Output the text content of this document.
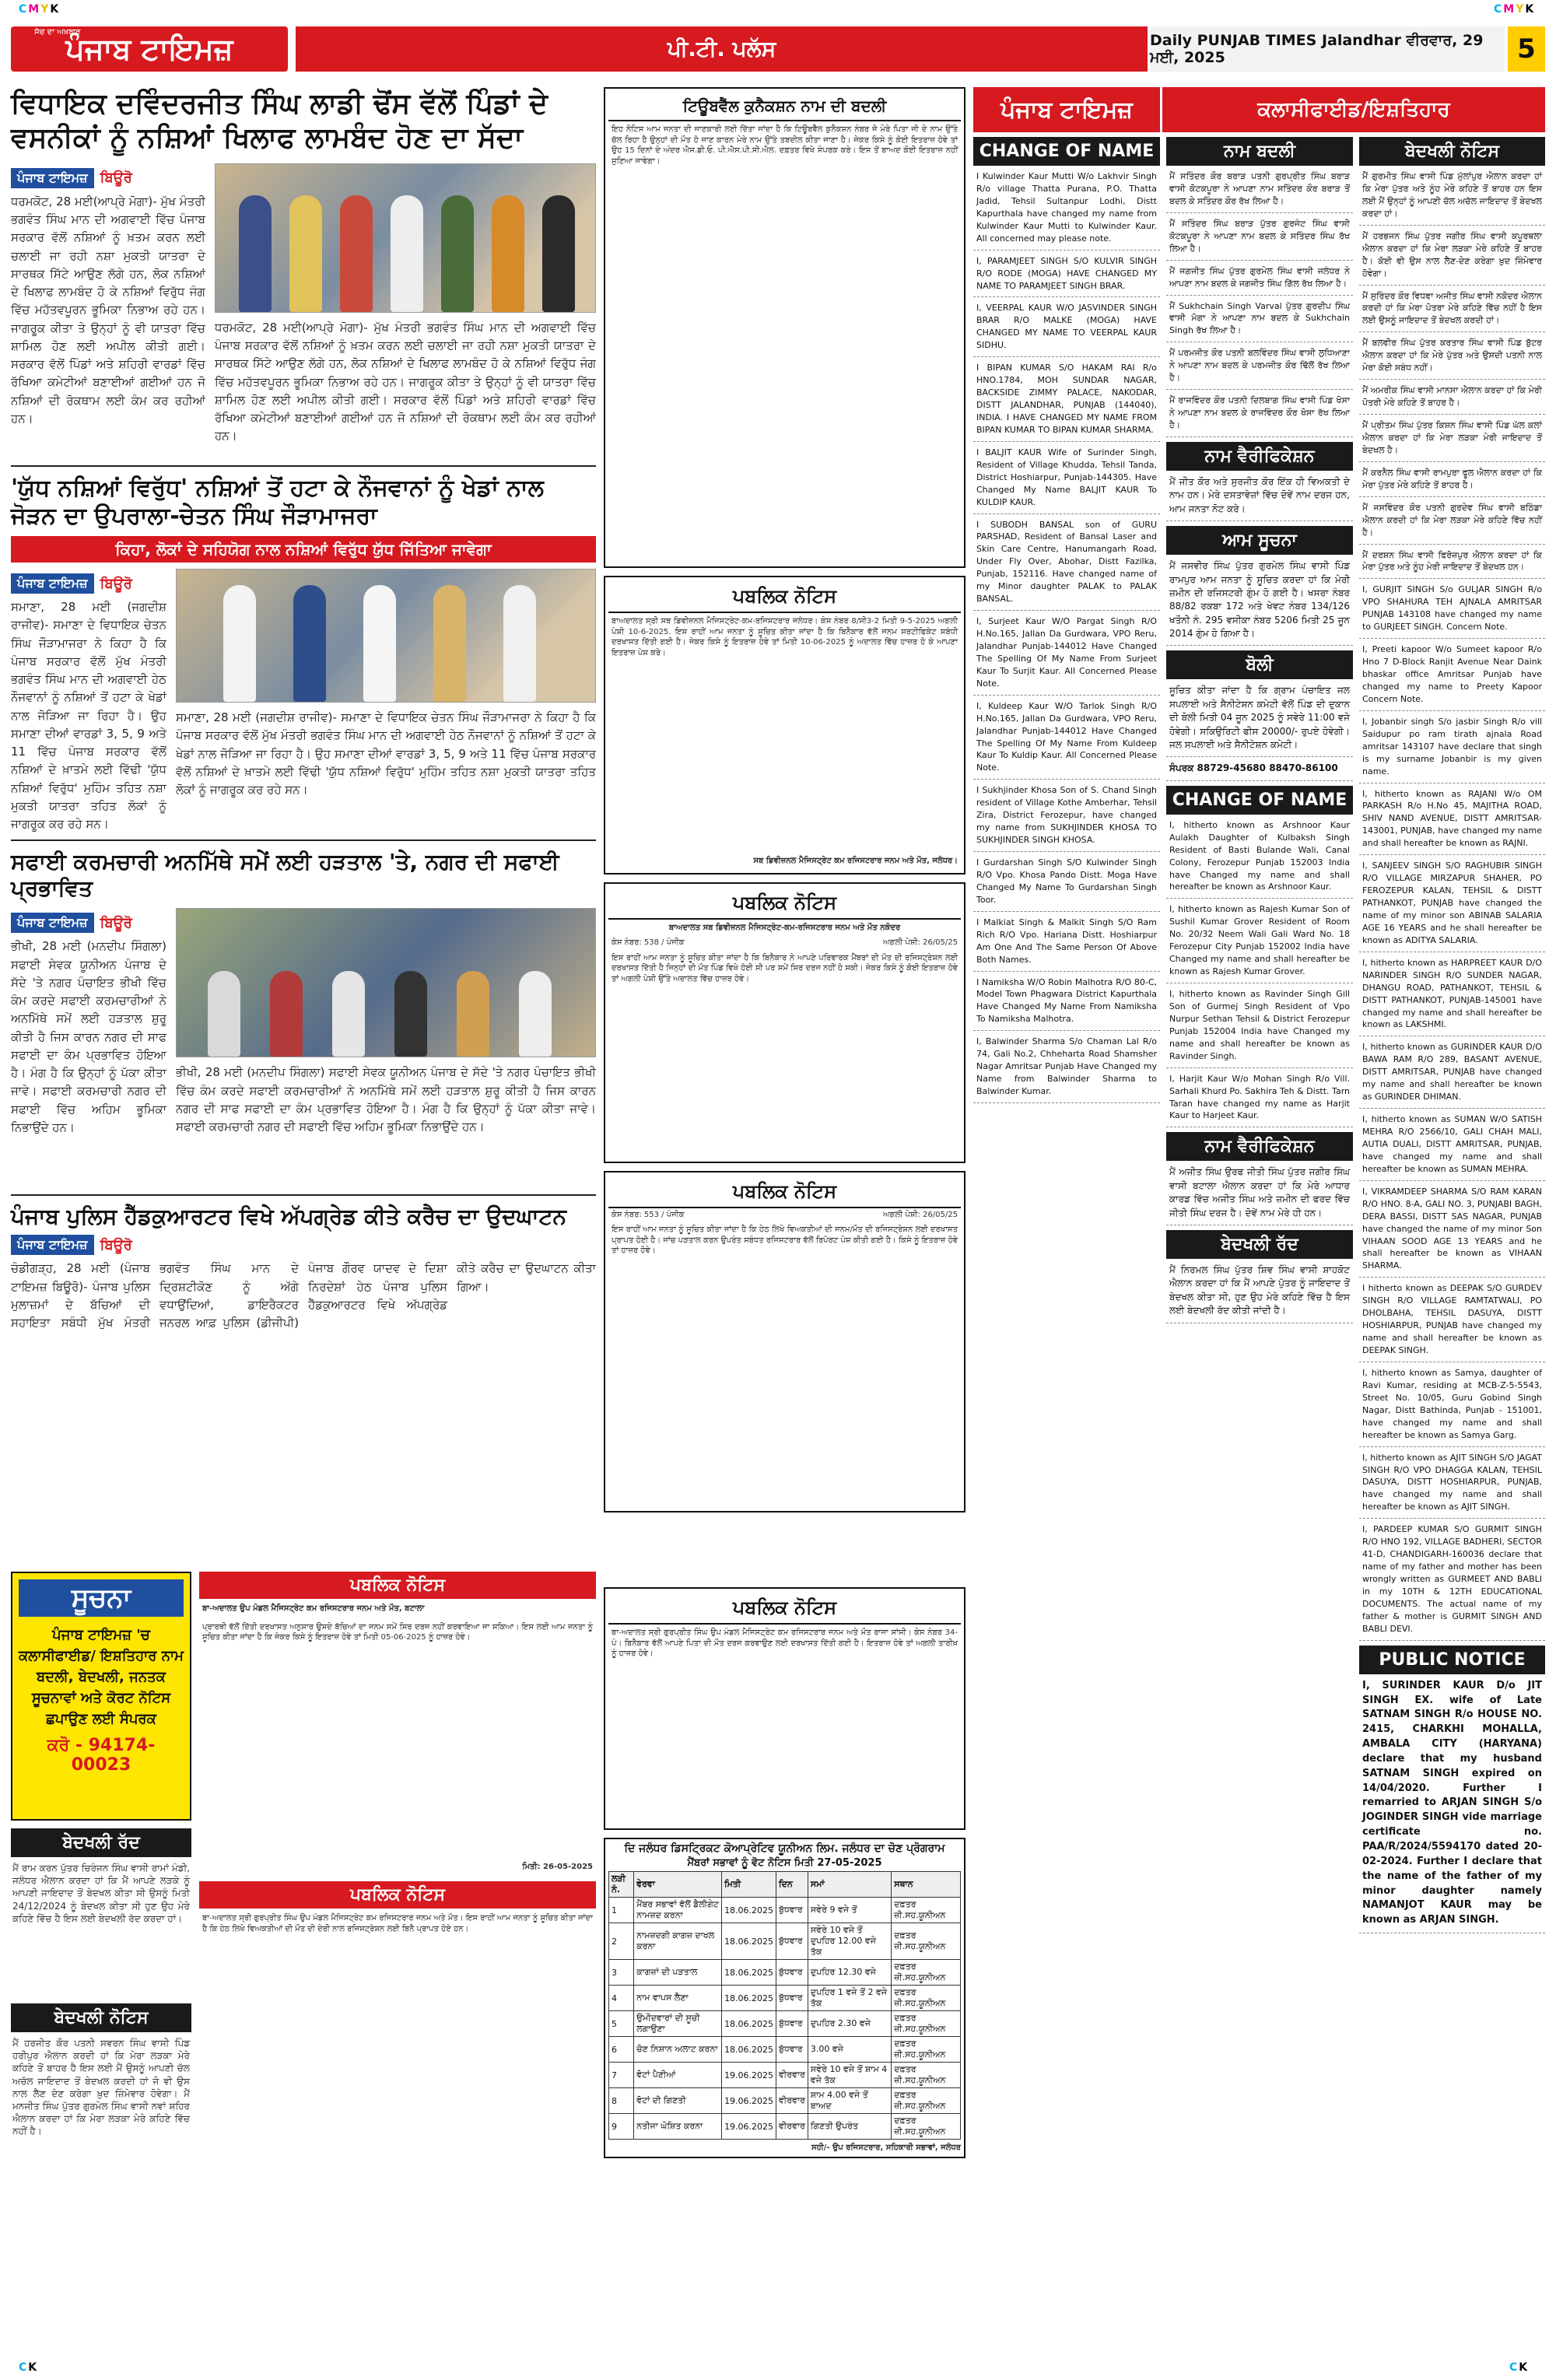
CMYK	CMYK
ਸੱਚ ਦਾ ਅਖ਼ਬਾਰ
ਪੰਜਾਬ ਟਾਇਮਜ਼	ਪੀ.ਟੀ. ਪਲੱਸ	Daily PUNJAB TIMES Jalandhar ਵੀਰਵਾਰ, 29 ਮਈ, 2025	5
ਵਿਧਾਇਕ ਦਵਿੰਦਰਜੀਤ ਸਿੰਘ ਲਾਡੀ ਢੋਂਸ ਵੱਲੋਂ ਪਿੰਡਾਂ ਦੇ ਵਸਨੀਕਾਂ ਨੂੰ ਨਸ਼ਿਆਂ ਖਿਲਾਫ ਲਾਮਬੰਦ ਹੋਣ ਦਾ ਸੱਦਾ
ਪੰਜਾਬ ਟਾਇਮਜ਼ ਬਿਊਰੋ
ਧਰਮਕੋਟ, 28 ਮਈ(ਆਪ੍ਰੇ ਮੋਗਾ)- ਮੁੱਖ ਮੰਤਰੀ ਭਗਵੰਤ ਸਿੰਘ ਮਾਨ ਦੀ ਅਗਵਾਈ ਵਿੱਚ ਪੰਜਾਬ ਸਰਕਾਰ ਵੱਲੋਂ ਨਸ਼ਿਆਂ ਨੂੰ ਖ਼ਤਮ ਕਰਨ ਲਈ ਚਲਾਈ ਜਾ ਰਹੀ ਨਸ਼ਾ ਮੁਕਤੀ ਯਾਤਰਾ ਦੇ ਸਾਰਥਕ ਸਿੱਟੇ ਆਉਣ ਲੱਗੇ ਹਨ, ਲੋਕ ਨਸ਼ਿਆਂ ਦੇ ਖਿਲਾਫ ਲਾਮਬੰਦ ਹੋ ਕੇ ਨਸ਼ਿਆਂ ਵਿਰੁੱਧ ਜੰਗ ਵਿੱਚ ਮਹੱਤਵਪੂਰਨ ਭੂਮਿਕਾ ਨਿਭਾਅ ਰਹੇ ਹਨ। ਜਾਗਰੂਕ ਕੀਤਾ ਤੇ ਉਨ੍ਹਾਂ ਨੂੰ ਵੀ ਯਾਤਰਾ ਵਿੱਚ ਸ਼ਾਮਿਲ ਹੋਣ ਲਈ ਅਪੀਲ ਕੀਤੀ ਗਈ। ਸਰਕਾਰ ਵੱਲੋਂ ਪਿੰਡਾਂ ਅਤੇ ਸ਼ਹਿਰੀ ਵਾਰਡਾਂ ਵਿੱਚ ਰੱਖਿਆ ਕਮੇਟੀਆਂ ਬਣਾਈਆਂ ਗਈਆਂ ਹਨ ਜੋ ਨਸ਼ਿਆਂ ਦੀ ਰੋਕਥਾਮ ਲਈ ਕੰਮ ਕਰ ਰਹੀਆਂ ਹਨ।
ਧਰਮਕੋਟ, 28 ਮਈ(ਆਪ੍ਰੇ ਮੋਗਾ)- ਮੁੱਖ ਮੰਤਰੀ ਭਗਵੰਤ ਸਿੰਘ ਮਾਨ ਦੀ ਅਗਵਾਈ ਵਿੱਚ ਪੰਜਾਬ ਸਰਕਾਰ ਵੱਲੋਂ ਨਸ਼ਿਆਂ ਨੂੰ ਖ਼ਤਮ ਕਰਨ ਲਈ ਚਲਾਈ ਜਾ ਰਹੀ ਨਸ਼ਾ ਮੁਕਤੀ ਯਾਤਰਾ ਦੇ ਸਾਰਥਕ ਸਿੱਟੇ ਆਉਣ ਲੱਗੇ ਹਨ, ਲੋਕ ਨਸ਼ਿਆਂ ਦੇ ਖਿਲਾਫ ਲਾਮਬੰਦ ਹੋ ਕੇ ਨਸ਼ਿਆਂ ਵਿਰੁੱਧ ਜੰਗ ਵਿੱਚ ਮਹੱਤਵਪੂਰਨ ਭੂਮਿਕਾ ਨਿਭਾਅ ਰਹੇ ਹਨ। ਜਾਗਰੂਕ ਕੀਤਾ ਤੇ ਉਨ੍ਹਾਂ ਨੂੰ ਵੀ ਯਾਤਰਾ ਵਿੱਚ ਸ਼ਾਮਿਲ ਹੋਣ ਲਈ ਅਪੀਲ ਕੀਤੀ ਗਈ। ਸਰਕਾਰ ਵੱਲੋਂ ਪਿੰਡਾਂ ਅਤੇ ਸ਼ਹਿਰੀ ਵਾਰਡਾਂ ਵਿੱਚ ਰੱਖਿਆ ਕਮੇਟੀਆਂ ਬਣਾਈਆਂ ਗਈਆਂ ਹਨ ਜੋ ਨਸ਼ਿਆਂ ਦੀ ਰੋਕਥਾਮ ਲਈ ਕੰਮ ਕਰ ਰਹੀਆਂ ਹਨ।
'ਯੁੱਧ ਨਸ਼ਿਆਂ ਵਿਰੁੱਧ' ਨਸ਼ਿਆਂ ਤੋਂ ਹਟਾ ਕੇ ਨੌਜਵਾਨਾਂ ਨੂੰ ਖੇਡਾਂ ਨਾਲ ਜੋੜਨ ਦਾ ਉਪਰਾਲਾ-ਚੇਤਨ ਸਿੰਘ ਜੌੜਾਮਾਜਰਾ
ਕਿਹਾ, ਲੋਕਾਂ ਦੇ ਸਹਿਯੋਗ ਨਾਲ ਨਸ਼ਿਆਂ ਵਿਰੁੱਧ ਯੁੱਧ ਜਿੱਤਿਆ ਜਾਵੇਗਾ
ਪੰਜਾਬ ਟਾਇਮਜ਼ ਬਿਊਰੋ
ਸਮਾਣਾ, 28 ਮਈ (ਜਗਦੀਸ਼ ਰਾਜੀਵ)- ਸਮਾਣਾ ਦੇ ਵਿਧਾਇਕ ਚੇਤਨ ਸਿੰਘ ਜੌੜਾਮਾਜਰਾ ਨੇ ਕਿਹਾ ਹੈ ਕਿ ਪੰਜਾਬ ਸਰਕਾਰ ਵੱਲੋਂ ਮੁੱਖ ਮੰਤਰੀ ਭਗਵੰਤ ਸਿੰਘ ਮਾਨ ਦੀ ਅਗਵਾਈ ਹੇਠ ਨੌਜਵਾਨਾਂ ਨੂੰ ਨਸ਼ਿਆਂ ਤੋਂ ਹਟਾ ਕੇ ਖੇਡਾਂ ਨਾਲ ਜੋੜਿਆ ਜਾ ਰਿਹਾ ਹੈ। ਉਹ ਸਮਾਣਾ ਦੀਆਂ ਵਾਰਡਾਂ 3, 5, 9 ਅਤੇ 11 ਵਿੱਚ ਪੰਜਾਬ ਸਰਕਾਰ ਵੱਲੋਂ ਨਸ਼ਿਆਂ ਦੇ ਖ਼ਾਤਮੇ ਲਈ ਵਿੱਢੀ 'ਯੁੱਧ ਨਸ਼ਿਆਂ ਵਿਰੁੱਧ' ਮੁਹਿੰਮ ਤਹਿਤ ਨਸ਼ਾ ਮੁਕਤੀ ਯਾਤਰਾ ਤਹਿਤ ਲੋਕਾਂ ਨੂੰ ਜਾਗਰੂਕ ਕਰ ਰਹੇ ਸਨ।
ਸਮਾਣਾ, 28 ਮਈ (ਜਗਦੀਸ਼ ਰਾਜੀਵ)- ਸਮਾਣਾ ਦੇ ਵਿਧਾਇਕ ਚੇਤਨ ਸਿੰਘ ਜੌੜਾਮਾਜਰਾ ਨੇ ਕਿਹਾ ਹੈ ਕਿ ਪੰਜਾਬ ਸਰਕਾਰ ਵੱਲੋਂ ਮੁੱਖ ਮੰਤਰੀ ਭਗਵੰਤ ਸਿੰਘ ਮਾਨ ਦੀ ਅਗਵਾਈ ਹੇਠ ਨੌਜਵਾਨਾਂ ਨੂੰ ਨਸ਼ਿਆਂ ਤੋਂ ਹਟਾ ਕੇ ਖੇਡਾਂ ਨਾਲ ਜੋੜਿਆ ਜਾ ਰਿਹਾ ਹੈ। ਉਹ ਸਮਾਣਾ ਦੀਆਂ ਵਾਰਡਾਂ 3, 5, 9 ਅਤੇ 11 ਵਿੱਚ ਪੰਜਾਬ ਸਰਕਾਰ ਵੱਲੋਂ ਨਸ਼ਿਆਂ ਦੇ ਖ਼ਾਤਮੇ ਲਈ ਵਿੱਢੀ 'ਯੁੱਧ ਨਸ਼ਿਆਂ ਵਿਰੁੱਧ' ਮੁਹਿੰਮ ਤਹਿਤ ਨਸ਼ਾ ਮੁਕਤੀ ਯਾਤਰਾ ਤਹਿਤ ਲੋਕਾਂ ਨੂੰ ਜਾਗਰੂਕ ਕਰ ਰਹੇ ਸਨ।
ਸਫਾਈ ਕਰਮਚਾਰੀ ਅਨਮਿੱਥੇ ਸਮੇਂ ਲਈ ਹੜਤਾਲ 'ਤੇ, ਨਗਰ ਦੀ ਸਫਾਈ ਪ੍ਰਭਾਵਿਤ
ਪੰਜਾਬ ਟਾਇਮਜ਼ ਬਿਊਰੋ
ਭੀਖੀ, 28 ਮਈ (ਮਨਦੀਪ ਸਿੰਗਲਾ) ਸਫਾਈ ਸੇਵਕ ਯੂਨੀਅਨ ਪੰਜਾਬ ਦੇ ਸੱਦੇ 'ਤੇ ਨਗਰ ਪੰਚਾਇਤ ਭੀਖੀ ਵਿੱਚ ਕੰਮ ਕਰਦੇ ਸਫਾਈ ਕਰਮਚਾਰੀਆਂ ਨੇ ਅਨਮਿੱਥੇ ਸਮੇਂ ਲਈ ਹੜਤਾਲ ਸ਼ੁਰੂ ਕੀਤੀ ਹੈ ਜਿਸ ਕਾਰਨ ਨਗਰ ਦੀ ਸਾਫ ਸਫਾਈ ਦਾ ਕੰਮ ਪ੍ਰਭਾਵਿਤ ਹੋਇਆ ਹੈ। ਮੰਗ ਹੈ ਕਿ ਉਨ੍ਹਾਂ ਨੂੰ ਪੱਕਾ ਕੀਤਾ ਜਾਵੇ। ਸਫਾਈ ਕਰਮਚਾਰੀ ਨਗਰ ਦੀ ਸਫਾਈ ਵਿੱਚ ਅਹਿਮ ਭੂਮਿਕਾ ਨਿਭਾਉਂਦੇ ਹਨ।
ਭੀਖੀ, 28 ਮਈ (ਮਨਦੀਪ ਸਿੰਗਲਾ) ਸਫਾਈ ਸੇਵਕ ਯੂਨੀਅਨ ਪੰਜਾਬ ਦੇ ਸੱਦੇ 'ਤੇ ਨਗਰ ਪੰਚਾਇਤ ਭੀਖੀ ਵਿੱਚ ਕੰਮ ਕਰਦੇ ਸਫਾਈ ਕਰਮਚਾਰੀਆਂ ਨੇ ਅਨਮਿੱਥੇ ਸਮੇਂ ਲਈ ਹੜਤਾਲ ਸ਼ੁਰੂ ਕੀਤੀ ਹੈ ਜਿਸ ਕਾਰਨ ਨਗਰ ਦੀ ਸਾਫ ਸਫਾਈ ਦਾ ਕੰਮ ਪ੍ਰਭਾਵਿਤ ਹੋਇਆ ਹੈ। ਮੰਗ ਹੈ ਕਿ ਉਨ੍ਹਾਂ ਨੂੰ ਪੱਕਾ ਕੀਤਾ ਜਾਵੇ। ਸਫਾਈ ਕਰਮਚਾਰੀ ਨਗਰ ਦੀ ਸਫਾਈ ਵਿੱਚ ਅਹਿਮ ਭੂਮਿਕਾ ਨਿਭਾਉਂਦੇ ਹਨ।
ਪੰਜਾਬ ਪੁਲਿਸ ਹੈੱਡਕੁਆਰਟਰ ਵਿਖੇ ਅੱਪਗ੍ਰੇਡ ਕੀਤੇ ਕਰੈਚ ਦਾ ਉਦਘਾਟਨ
ਪੰਜਾਬ ਟਾਇਮਜ਼ ਬਿਊਰੋ
ਚੰਡੀਗੜ੍ਹ, 28 ਮਈ (ਪੰਜਾਬ ਟਾਇਮਜ਼ ਬਿਊਰੋ)- ਪੰਜਾਬ ਪੁਲਿਸ ਮੁਲਾਜ਼ਮਾਂ ਦੇ ਬੱਚਿਆਂ ਦੀ ਸਹਾਇਤਾ ਸਬੰਧੀ ਮੁੱਖ ਮੰਤਰੀ ਭਗਵੰਤ ਸਿੰਘ ਮਾਨ ਦੇ ਦ੍ਰਿਸ਼ਟੀਕੋਣ ਨੂੰ ਅੱਗੇ ਵਧਾਉਂਦਿਆਂ, ਡਾਇਰੈਕਟਰ ਜਨਰਲ ਆਫ਼ ਪੁਲਿਸ (ਡੀਜੀਪੀ) ਪੰਜਾਬ ਗੌਰਵ ਯਾਦਵ ਦੇ ਦਿਸ਼ਾ ਨਿਰਦੇਸ਼ਾਂ ਹੇਠ ਪੰਜਾਬ ਪੁਲਿਸ ਹੈੱਡਕੁਆਰਟਰ ਵਿਖੇ ਅੱਪਗ੍ਰੇਡ ਕੀਤੇ ਕਰੈਚ ਦਾ ਉਦਘਾਟਨ ਕੀਤਾ ਗਿਆ।
ਸੂਚਨਾ
ਪੰਜਾਬ ਟਾਇਮਜ਼ 'ਚ ਕਲਾਸੀਫਾਈਡ/ ਇਸ਼ਤਿਹਾਰ ਨਾਮ ਬਦਲੀ, ਬੇਦਖਲੀ, ਜਨਤਕ ਸੂਚਨਾਵਾਂ ਅਤੇ ਕੋਰਟ ਨੋਟਿਸ ਛਪਾਉਣ ਲਈ ਸੰਪਰਕ
ਕਰੋ - 94174-00023
ਬੇਦਖਲੀ ਰੱਦ
ਮੈਂ ਰਾਮ ਕਰਨ ਪੁੱਤਰ ਚਿਰੰਜਨ ਸਿੰਘ ਵਾਸੀ ਰਾਮਾਂ ਮੰਡੀ, ਜਲੰਧਰ ਐਲਾਨ ਕਰਦਾ ਹਾਂ ਕਿ ਮੈਂ ਆਪਣੇ ਲੜਕੇ ਨੂੰ ਆਪਣੀ ਜਾਇਦਾਦ ਤੋਂ ਬੇਦਖਲ ਕੀਤਾ ਸੀ ਉਸਨੂੰ ਮਿਤੀ 24/12/2024 ਨੂੰ ਬੇਦਖਲ ਕੀਤਾ ਸੀ ਹੁਣ ਉਹ ਮੇਰੇ ਕਹਿਣੇ ਵਿੱਚ ਹੈ ਇਸ ਲਈ ਬੇਦਖਲੀ ਰੱਦ ਕਰਦਾ ਹਾਂ।
ਬੇਦਖਲੀ ਨੋਟਿਸ
ਮੈਂ ਹਰਜੀਤ ਕੌਰ ਪਤਨੀ ਸਵਰਨ ਸਿੰਘ ਵਾਸੀ ਪਿੰਡ ਹਰੀਪੁਰ ਐਲਾਨ ਕਰਦੀ ਹਾਂ ਕਿ ਮੇਰਾ ਲੜਕਾ ਮੇਰੇ ਕਹਿਣੇ ਤੋਂ ਬਾਹਰ ਹੈ ਇਸ ਲਈ ਮੈਂ ਉਸਨੂੰ ਆਪਣੀ ਚੱਲ ਅਚੱਲ ਜਾਇਦਾਦ ਤੋਂ ਬੇਦਖਲ ਕਰਦੀ ਹਾਂ ਜੋ ਵੀ ਉਸ ਨਾਲ ਲੈਣ ਦੇਣ ਕਰੇਗਾ ਖ਼ੁਦ ਜ਼ਿੰਮੇਵਾਰ ਹੋਵੇਗਾ। ਮੈਂ ਮਨਜੀਤ ਸਿੰਘ ਪੁੱਤਰ ਗੁਰਮੇਲ ਸਿੰਘ ਵਾਸੀ ਨਵਾਂ ਸ਼ਹਿਰ ਐਲਾਨ ਕਰਦਾ ਹਾਂ ਕਿ ਮੇਰਾ ਲੜਕਾ ਮੇਰੇ ਕਹਿਣੇ ਵਿੱਚ ਨਹੀਂ ਹੈ।
ਪਬਲਿਕ ਨੋਟਿਸ
ਬਾ-ਅਦਾਲਤ ਉਪ ਮੰਡਲ ਮੈਜਿਸਟ੍ਰੇਟ ਕਮ ਰਜਿਸਟਰਾਰ ਜਨਮ ਅਤੇ ਮੌਤ, ਬਟਾਲਾ
ਪ੍ਰਾਰਥੀ ਵੱਲੋਂ ਦਿੱਤੀ ਦਰਖਾਸਤ ਅਨੁਸਾਰ ਉਸਦੇ ਬੱਚਿਆਂ ਦਾ ਜਨਮ ਸਮੇਂ ਸਿਰ ਦਰਜ ਨਹੀਂ ਕਰਵਾਇਆ ਜਾ ਸਕਿਆ। ਇਸ ਲਈ ਆਮ ਜਨਤਾ ਨੂੰ ਸੂਚਿਤ ਕੀਤਾ ਜਾਂਦਾ ਹੈ ਕਿ ਜੇਕਰ ਕਿਸੇ ਨੂੰ ਇਤਰਾਜ਼ ਹੋਵੇ ਤਾਂ ਮਿਤੀ 05-06-2025 ਨੂੰ ਹਾਜ਼ਰ ਹੋਵੇ।
ਮਿਤੀ: 26-05-2025
ਪਬਲਿਕ ਨੋਟਿਸ
ਬਾ-ਅਦਾਲਤ ਸ੍ਰੀ ਗੁਰਪ੍ਰੀਤ ਸਿੰਘ ਉਪ ਮੰਡਲ ਮੈਜਿਸਟ੍ਰੇਟ ਕਮ ਰਜਿਸਟਰਾਰ ਜਨਮ ਅਤੇ ਮੌਤ। ਇਸ ਰਾਹੀਂ ਆਮ ਜਨਤਾ ਨੂੰ ਸੂਚਿਤ ਕੀਤਾ ਜਾਂਦਾ ਹੈ ਕਿ ਹੇਠ ਲਿਖੇ ਵਿਅਕਤੀਆਂ ਦੀ ਮੌਤ ਦੀ ਦੇਰੀ ਨਾਲ ਰਜਿਸਟ੍ਰੇਸ਼ਨ ਲਈ ਬਿਨੈ ਪ੍ਰਾਪਤ ਹੋਏ ਹਨ।
ਟਿਊਬਵੈੱਲ ਕੁਨੈਕਸ਼ਨ ਨਾਮ ਦੀ ਬਦਲੀ
ਇਹ ਨੋਟਿਸ ਆਮ ਜਨਤਾ ਦੀ ਜਾਣਕਾਰੀ ਲਈ ਦਿੱਤਾ ਜਾਂਦਾ ਹੈ ਕਿ ਟਿਊਬਵੈੱਲ ਕੁਨੈਕਸ਼ਨ ਨੰਬਰ ਜੋ ਮੇਰੇ ਪਿਤਾ ਜੀ ਦੇ ਨਾਮ ਉੱਤੇ ਚੱਲ ਰਿਹਾ ਹੈ ਉਨ੍ਹਾਂ ਦੀ ਮੌਤ ਹੋ ਜਾਣ ਕਾਰਨ ਮੇਰੇ ਨਾਮ ਉੱਤੇ ਤਬਦੀਲ ਕੀਤਾ ਜਾਣਾ ਹੈ। ਜੇਕਰ ਕਿਸੇ ਨੂੰ ਕੋਈ ਇਤਰਾਜ਼ ਹੋਵੇ ਤਾਂ ਉਹ 15 ਦਿਨਾਂ ਦੇ ਅੰਦਰ ਐਸ.ਡੀ.ਓ. ਪੀ.ਐਸ.ਪੀ.ਸੀ.ਐਲ. ਦਫ਼ਤਰ ਵਿਖੇ ਸੰਪਰਕ ਕਰੇ। ਇਸ ਤੋਂ ਬਾਅਦ ਕੋਈ ਇਤਰਾਜ਼ ਨਹੀਂ ਸੁਣਿਆ ਜਾਵੇਗਾ।
ਪਬਲਿਕ ਨੋਟਿਸ
ਬਾਅਦਾਲਤ ਸ੍ਰੀ ਸਬ ਡਿਵੀਜ਼ਨਲ ਮੈਜਿਸਟ੍ਰੇਟ-ਕਮ-ਰਜਿਸਟਰਾਰ ਜਲੰਧਰ। ਕੇਸ ਨੰਬਰ 8/ਸੀ3-2 ਮਿਤੀ 9-5-2025 ਅਗਲੀ ਪੇਸ਼ੀ 10-6-2025. ਇਸ ਰਾਹੀਂ ਆਮ ਜਨਤਾ ਨੂੰ ਸੂਚਿਤ ਕੀਤਾ ਜਾਂਦਾ ਹੈ ਕਿ ਬਿਨੈਕਾਰ ਵੱਲੋਂ ਜਨਮ ਸਰਟੀਫਿਕੇਟ ਸਬੰਧੀ ਦਰਖਾਸਤ ਦਿੱਤੀ ਗਈ ਹੈ। ਜੇਕਰ ਕਿਸੇ ਨੂੰ ਇਤਰਾਜ਼ ਹੋਵੇ ਤਾਂ ਮਿਤੀ 10-06-2025 ਨੂੰ ਅਦਾਲਤ ਵਿੱਚ ਹਾਜ਼ਰ ਹੋ ਕੇ ਆਪਣਾ ਇਤਰਾਜ਼ ਪੇਸ਼ ਕਰੇ।
ਸਬ ਡਿਵੀਜ਼ਨਲ ਮੈਜਿਸਟ੍ਰੇਟ ਕਮ ਰਜਿਸਟਰਾਰ ਜਨਮ ਅਤੇ ਮੌਤ, ਜਲੰਧਰ।
ਪਬਲਿਕ ਨੋਟਿਸ
ਬਾਅਦਾਲਤ ਸਬ ਡਿਵੀਜ਼ਨਲ ਮੈਜਿਸਟ੍ਰੇਟ-ਕਮ-ਰਜਿਸਟਰਾਰ ਜਨਮ ਅਤੇ ਮੌਤ ਨਕੋਦਰ
ਕੇਸ ਨੰਬਰ: 538 / ਪੰਜੀਕ	ਅਗਲੀ ਪੇਸ਼ੀ: 26/05/25
ਇਸ ਰਾਹੀਂ ਆਮ ਜਨਤਾ ਨੂੰ ਸੂਚਿਤ ਕੀਤਾ ਜਾਂਦਾ ਹੈ ਕਿ ਬਿਨੈਕਾਰ ਨੇ ਆਪਣੇ ਪਰਿਵਾਰਕ ਮੈਂਬਰਾਂ ਦੀ ਮੌਤ ਦੀ ਰਜਿਸਟ੍ਰੇਸ਼ਨ ਲਈ ਦਰਖਾਸਤ ਦਿੱਤੀ ਹੈ ਜਿਨ੍ਹਾਂ ਦੀ ਮੌਤ ਪਿੰਡ ਵਿਖੇ ਹੋਈ ਸੀ ਪਰ ਸਮੇਂ ਸਿਰ ਦਰਜ ਨਹੀਂ ਹੋ ਸਕੀ। ਜੇਕਰ ਕਿਸੇ ਨੂੰ ਕੋਈ ਇਤਰਾਜ਼ ਹੋਵੇ ਤਾਂ ਅਗਲੀ ਪੇਸ਼ੀ ਉੱਤੇ ਅਦਾਲਤ ਵਿੱਚ ਹਾਜ਼ਰ ਹੋਵੇ।
ਪਬਲਿਕ ਨੋਟਿਸ
ਕੇਸ ਨੰਬਰ: 553 / ਪੰਜੀਕ	ਅਗਲੀ ਪੇਸ਼ੀ: 26/05/25
ਇਸ ਰਾਹੀਂ ਆਮ ਜਨਤਾ ਨੂੰ ਸੂਚਿਤ ਕੀਤਾ ਜਾਂਦਾ ਹੈ ਕਿ ਹੇਠ ਲਿਖੇ ਵਿਅਕਤੀਆਂ ਦੀ ਜਨਮ/ਮੌਤ ਦੀ ਰਜਿਸਟ੍ਰੇਸ਼ਨ ਲਈ ਦਰਖਾਸਤ ਪ੍ਰਾਪਤ ਹੋਈ ਹੈ। ਜਾਂਚ ਪੜਤਾਲ ਕਰਨ ਉਪਰੰਤ ਸਬੰਧਤ ਰਜਿਸਟਰਾਰ ਵੱਲੋਂ ਰਿਪੋਰਟ ਪੇਸ਼ ਕੀਤੀ ਗਈ ਹੈ। ਕਿਸੇ ਨੂੰ ਇਤਰਾਜ਼ ਹੋਵੇ ਤਾਂ ਹਾਜ਼ਰ ਹੋਵੇ।
ਪਬਲਿਕ ਨੋਟਿਸ
ਬਾ-ਅਦਾਲਤ ਸ੍ਰੀ ਗੁਰਪ੍ਰੀਤ ਸਿੰਘ ਉਪ ਮੰਡਲ ਮੈਜਿਸਟ੍ਰੇਟ ਕਮ ਰਜਿਸਟਰਾਰ ਜਨਮ ਅਤੇ ਮੌਤ ਰਾਜਾ ਸਾਂਸੀ। ਕੇਸ ਨੰਬਰ 34-ਪੰ। ਬਿਨੈਕਾਰ ਵੱਲੋਂ ਆਪਣੇ ਪਿਤਾ ਦੀ ਮੌਤ ਦਰਜ ਕਰਵਾਉਣ ਲਈ ਦਰਖਾਸਤ ਦਿੱਤੀ ਗਈ ਹੈ। ਇਤਰਾਜ਼ ਹੋਵੇ ਤਾਂ ਅਗਲੀ ਤਾਰੀਖ਼ ਨੂੰ ਹਾਜ਼ਰ ਹੋਵੇ।
ਦਿ ਜਲੰਧਰ ਡਿਸਟ੍ਰਿਕਟ ਕੋਆਪ੍ਰੇਟਿਵ ਯੂਨੀਅਨ ਲਿਮ. ਜਲੰਧਰ ਦਾ ਚੋਣ ਪ੍ਰੋਗਰਾਮ
ਮੈਂਬਰਾਂ ਸਭਾਵਾਂ ਨੂੰ ਵੋਟ ਨੋਟਿਸ ਮਿਤੀ 27-05-2025
ਲੜੀ ਨੰ.	ਵੇਰਵਾ	ਮਿਤੀ	ਦਿਨ	ਸਮਾਂ	ਸਥਾਨ
1	ਮੈਂਬਰ ਸਭਾਵਾਂ ਵੱਲੋਂ ਡੈਲੀਗੇਟ ਨਾਮਜ਼ਦ ਕਰਨਾ	18.06.2025	ਬੁੱਧਵਾਰ	ਸਵੇਰੇ 9 ਵਜੇ ਤੋਂ	ਦਫ਼ਤਰ ਜ਼ੀ.ਸਹ.ਯੂਨੀਅਨ
2	ਨਾਮਜ਼ਦਗੀ ਕਾਗਜ਼ ਦਾਖਲ ਕਰਨਾ	18.06.2025	ਬੁੱਧਵਾਰ	ਸਵੇਰੇ 10 ਵਜੇ ਤੋਂ ਦੁਪਹਿਰ 12.00 ਵਜੇ ਤੱਕ	ਦਫ਼ਤਰ ਜ਼ੀ.ਸਹ.ਯੂਨੀਅਨ
3	ਕਾਗਜ਼ਾਂ ਦੀ ਪੜਤਾਲ	18.06.2025	ਬੁੱਧਵਾਰ	ਦੁਪਹਿਰ 12.30 ਵਜੇ	ਦਫ਼ਤਰ ਜ਼ੀ.ਸਹ.ਯੂਨੀਅਨ
4	ਨਾਮ ਵਾਪਸ ਲੈਣਾ	18.06.2025	ਬੁੱਧਵਾਰ	ਦੁਪਹਿਰ 1 ਵਜੇ ਤੋਂ 2 ਵਜੇ ਤੱਕ	ਦਫ਼ਤਰ ਜ਼ੀ.ਸਹ.ਯੂਨੀਅਨ
5	ਉਮੀਦਵਾਰਾਂ ਦੀ ਸੂਚੀ ਲਗਾਉਣਾ	18.06.2025	ਬੁੱਧਵਾਰ	ਦੁਪਹਿਰ 2.30 ਵਜੇ	ਦਫ਼ਤਰ ਜ਼ੀ.ਸਹ.ਯੂਨੀਅਨ
6	ਚੋਣ ਨਿਸ਼ਾਨ ਅਲਾਟ ਕਰਨਾ	18.06.2025	ਬੁੱਧਵਾਰ	3.00 ਵਜੇ	ਦਫ਼ਤਰ ਜ਼ੀ.ਸਹ.ਯੂਨੀਅਨ
7	ਵੋਟਾਂ ਪੈਣੀਆਂ	19.06.2025	ਵੀਰਵਾਰ	ਸਵੇਰੇ 10 ਵਜੇ ਤੋਂ ਸ਼ਾਮ 4 ਵਜੇ ਤੱਕ	ਦਫ਼ਤਰ ਜ਼ੀ.ਸਹ.ਯੂਨੀਅਨ
8	ਵੋਟਾਂ ਦੀ ਗਿਣਤੀ	19.06.2025	ਵੀਰਵਾਰ	ਸ਼ਾਮ 4.00 ਵਜੇ ਤੋਂ ਬਾਅਦ	ਦਫ਼ਤਰ ਜ਼ੀ.ਸਹ.ਯੂਨੀਅਨ
9	ਨਤੀਜਾ ਘੋਸ਼ਿਤ ਕਰਨਾ	19.06.2025	ਵੀਰਵਾਰ	ਗਿਣਤੀ ਉਪਰੰਤ	ਦਫ਼ਤਰ ਜ਼ੀ.ਸਹ.ਯੂਨੀਅਨ
ਸਹੀ/- ਉਪ ਰਜਿਸਟਰਾਰ, ਸਹਿਕਾਰੀ ਸਭਾਵਾਂ, ਜਲੰਧਰ
ਪੰਜਾਬ ਟਾਇਮਜ਼	ਕਲਾਸੀਫਾਈਡ/ਇਸ਼ਤਿਹਾਰ
CHANGE OF NAME
I Kulwinder Kaur Mutti W/o Lakhvir Singh R/o village Thatta Purana, P.O. Thatta Jadid, Tehsil Sultanpur Lodhi, Distt Kapurthala have changed my name from Kulwinder Kaur Mutti to Kulwinder Kaur. All concerned may please note.
I, PARAMJEET SINGH S/O KULVIR SINGH R/O RODE (MOGA) HAVE CHANGED MY NAME TO PARAMJEET SINGH BRAR.
I, VEERPAL KAUR W/O JASVINDER SINGH BRAR R/O MALKE (MOGA) HAVE CHANGED MY NAME TO VEERPAL KAUR SIDHU.
I BIPAN KUMAR S/O HAKAM RAI R/o HNO.1784, MOH SUNDAR NAGAR, BACKSIDE ZIMMY PALACE, NAKODAR, DISTT JALANDHAR, PUNJAB (144040), INDIA. I HAVE CHANGED MY NAME FROM BIPAN KUMAR TO BIPAN KUMAR SHARMA.
I BALJIT KAUR Wife of Surinder Singh, Resident of Village Khudda, Tehsil Tanda, District Hoshiarpur, Punjab-144305. Have Changed My Name BALJIT KAUR To KULDIP KAUR.
I SUBODH BANSAL son of GURU PARSHAD, Resident of Bansal Laser and Skin Care Centre, Hanumangarh Road, Under Fly Over, Abohar, Distt Fazilka, Punjab, 152116. Have changed name of my Minor daughter PALAK to PALAK BANSAL.
I, Surjeet Kaur W/O Pargat Singh R/O H.No.165, Jallan Da Gurdwara, VPO Reru, Jalandhar Punjab-144012 Have Changed The Spelling Of My Name From Surjeet Kaur To Surjit Kaur. All Concerned Please Note.
I, Kuldeep Kaur W/O Tarlok Singh R/O H.No.165, Jallan Da Gurdwara, VPO Reru, Jalandhar Punjab-144012 Have Changed The Spelling Of My Name From Kuldeep Kaur To Kuldip Kaur. All Concerned Please Note.
I Sukhjinder Khosa Son of S. Chand Singh resident of Village Kothe Amberhar, Tehsil Zira, District Ferozepur, have changed my name from SUKHJINDER KHOSA TO SUKHJINDER SINGH KHOSA.
I Gurdarshan Singh S/O Kulwinder Singh R/O Vpo. Khosa Pando Distt. Moga Have Changed My Name To Gurdarshan Singh Toor.
I Malkiat Singh & Malkit Singh S/O Ram Rich R/O Vpo. Hariana Distt. Hoshiarpur Am One And The Same Person Of Above Both Names.
I Namiksha W/O Robin Malhotra R/O 80-C, Model Town Phagwara District Kapurthala Have Changed My Name From Namiksha To Namiksha Malhotra.
I, Balwinder Sharma S/o Chaman Lal R/o 74, Gali No.2, Chheharta Road Shamsher Nagar Amritsar Punjab Have Changed my Name from Balwinder Sharma to Balwinder Kumar.
ਨਾਮ ਬਦਲੀ
ਮੈਂ ਸਤਿੰਦਰ ਕੌਰ ਬਰਾੜ ਪਤਨੀ ਗੁਰਪ੍ਰੀਤ ਸਿੰਘ ਬਰਾੜ ਵਾਸੀ ਕੋਟਕਪੂਰਾ ਨੇ ਆਪਣਾ ਨਾਮ ਸਤਿੰਦਰ ਕੌਰ ਬਰਾੜ ਤੋਂ ਬਦਲ ਕੇ ਸਤਿੰਦਰ ਕੌਰ ਰੱਖ ਲਿਆ ਹੈ।
ਮੈਂ ਸਤਿੰਦਰ ਸਿੰਘ ਬਰਾੜ ਪੁੱਤਰ ਗੁਰਜੰਟ ਸਿੰਘ ਵਾਸੀ ਕੋਟਕਪੂਰਾ ਨੇ ਆਪਣਾ ਨਾਮ ਬਦਲ ਕੇ ਸਤਿੰਦਰ ਸਿੰਘ ਰੱਖ ਲਿਆ ਹੈ।
ਮੈਂ ਜਗਜੀਤ ਸਿੰਘ ਪੁੱਤਰ ਗੁਰਮੇਲ ਸਿੰਘ ਵਾਸੀ ਜਲੰਧਰ ਨੇ ਆਪਣਾ ਨਾਮ ਬਦਲ ਕੇ ਜਗਜੀਤ ਸਿੰਘ ਗਿੱਲ ਰੱਖ ਲਿਆ ਹੈ।
ਮੈਂ Sukhchain Singh Varval ਪੁੱਤਰ ਗੁਰਦੀਪ ਸਿੰਘ ਵਾਸੀ ਮੋਗਾ ਨੇ ਆਪਣਾ ਨਾਮ ਬਦਲ ਕੇ Sukhchain Singh ਰੱਖ ਲਿਆ ਹੈ।
ਮੈਂ ਪਰਮਜੀਤ ਕੌਰ ਪਤਨੀ ਬਲਵਿੰਦਰ ਸਿੰਘ ਵਾਸੀ ਲੁਧਿਆਣਾ ਨੇ ਆਪਣਾ ਨਾਮ ਬਦਲ ਕੇ ਪਰਮਜੀਤ ਕੌਰ ਢਿੱਲੋਂ ਰੱਖ ਲਿਆ ਹੈ।
ਮੈਂ ਰਾਜਵਿੰਦਰ ਕੌਰ ਪਤਨੀ ਦਿਲਬਾਗ ਸਿੰਘ ਵਾਸੀ ਪਿੰਡ ਖੋਸਾ ਨੇ ਆਪਣਾ ਨਾਮ ਬਦਲ ਕੇ ਰਾਜਵਿੰਦਰ ਕੌਰ ਖੋਸਾ ਰੱਖ ਲਿਆ ਹੈ।
ਨਾਮ ਵੈਰੀਫਿਕੇਸ਼ਨ
ਮੈਂ ਜੀਤ ਕੌਰ ਅਤੇ ਸੁਰਜੀਤ ਕੌਰ ਇੱਕ ਹੀ ਵਿਅਕਤੀ ਦੇ ਨਾਮ ਹਨ। ਮੇਰੇ ਦਸਤਾਵੇਜ਼ਾਂ ਵਿੱਚ ਦੋਵੇਂ ਨਾਮ ਦਰਜ ਹਨ, ਆਮ ਜਨਤਾ ਨੋਟ ਕਰੇ।
ਆਮ ਸੂਚਨਾ
ਮੈਂ ਜਸਵੀਰ ਸਿੰਘ ਪੁੱਤਰ ਗੁਰਮੇਲ ਸਿੰਘ ਵਾਸੀ ਪਿੰਡ ਰਾਮਪੁਰ ਆਮ ਜਨਤਾ ਨੂੰ ਸੂਚਿਤ ਕਰਦਾ ਹਾਂ ਕਿ ਮੇਰੀ ਜ਼ਮੀਨ ਦੀ ਰਜਿਸਟਰੀ ਗੁੰਮ ਹੋ ਗਈ ਹੈ। ਖਸਰਾ ਨੰਬਰ 88/82 ਰਕਬਾ 172 ਅਤੇ ਖੇਵਟ ਨੰਬਰ 134/126 ਖਤੌਨੀ ਨੰ. 295 ਵਸੀਕਾ ਨੰਬਰ 5206 ਮਿਤੀ 25 ਜੂਨ 2014 ਗੁੰਮ ਹੋ ਗਿਆ ਹੈ।
ਬੋਲੀ
ਸੂਚਿਤ ਕੀਤਾ ਜਾਂਦਾ ਹੈ ਕਿ ਗ੍ਰਾਮ ਪੰਚਾਇਤ ਜਲ ਸਪਲਾਈ ਅਤੇ ਸੈਨੀਟੇਸ਼ਨ ਕਮੇਟੀ ਵੱਲੋਂ ਪਿੰਡ ਦੀ ਦੁਕਾਨ ਦੀ ਬੋਲੀ ਮਿਤੀ 04 ਜੂਨ 2025 ਨੂੰ ਸਵੇਰੇ 11:00 ਵਜੇ ਹੋਵੇਗੀ। ਸਕਿਉਰਿਟੀ ਫੀਸ 20000/- ਰੁਪਏ ਹੋਵੇਗੀ। ਜਲ ਸਪਲਾਈ ਅਤੇ ਸੈਨੀਟੇਸ਼ਨ ਕਮੇਟੀ।
ਸੰਪਰਕ 88729-45680 88470-86100
CHANGE OF NAME
I, hitherto known as Arshnoor Kaur Aulakh Daughter of Kulbaksh Singh Resident of Basti Bulande Wali, Canal Colony, Ferozepur Punjab 152003 India have Changed my name and shall hereafter be known as Arshnoor Kaur.
I, hitherto known as Rajesh Kumar Son of Sushil Kumar Grover Resident of Room No. 20/32 Neem Wali Gali Ward No. 18 Ferozepur City Punjab 152002 India have Changed my name and shall hereafter be known as Rajesh Kumar Grover.
I, hitherto known as Ravinder Singh Gill Son of Gurmej Singh Resident of Vpo Nurpur Sethan Tehsil & District Ferozepur Punjab 152004 India have Changed my name and shall hereafter be known as Ravinder Singh.
I, Harjit Kaur W/o Mohan Singh R/o Vill. Sarhali Khurd Po. Sakhira Teh & Distt. Tarn Taran have changed my name as Harjit Kaur to Harjeet Kaur.
ਨਾਮ ਵੈਰੀਫਿਕੇਸ਼ਨ
ਮੈਂ ਅਜੀਤ ਸਿੰਘ ਉਰਫ ਜੀਤੀ ਸਿੰਘ ਪੁੱਤਰ ਜਗੀਰ ਸਿੰਘ ਵਾਸੀ ਬਟਾਲਾ ਐਲਾਨ ਕਰਦਾ ਹਾਂ ਕਿ ਮੇਰੇ ਆਧਾਰ ਕਾਰਡ ਵਿੱਚ ਅਜੀਤ ਸਿੰਘ ਅਤੇ ਜ਼ਮੀਨ ਦੀ ਫਰਦ ਵਿੱਚ ਜੀਤੀ ਸਿੰਘ ਦਰਜ ਹੈ। ਦੋਵੇਂ ਨਾਮ ਮੇਰੇ ਹੀ ਹਨ।
ਬੇਦਖਲੀ ਰੱਦ
ਮੈਂ ਨਿਰਮਲ ਸਿੰਘ ਪੁੱਤਰ ਸ਼ਿਵ ਸਿੰਘ ਵਾਸੀ ਸ਼ਾਹਕੋਟ ਐਲਾਨ ਕਰਦਾ ਹਾਂ ਕਿ ਮੈਂ ਆਪਣੇ ਪੁੱਤਰ ਨੂੰ ਜਾਇਦਾਦ ਤੋਂ ਬੇਦਖਲ ਕੀਤਾ ਸੀ, ਹੁਣ ਉਹ ਮੇਰੇ ਕਹਿਣੇ ਵਿੱਚ ਹੈ ਇਸ ਲਈ ਬੇਦਖਲੀ ਰੱਦ ਕੀਤੀ ਜਾਂਦੀ ਹੈ।
ਬੇਦਖਲੀ ਨੋਟਿਸ
ਮੈਂ ਗੁਰਮੀਤ ਸਿੰਘ ਵਾਸੀ ਪਿੰਡ ਮੁੱਲਾਂਪੁਰ ਐਲਾਨ ਕਰਦਾ ਹਾਂ ਕਿ ਮੇਰਾ ਪੁੱਤਰ ਅਤੇ ਨੂੰਹ ਮੇਰੇ ਕਹਿਣੇ ਤੋਂ ਬਾਹਰ ਹਨ ਇਸ ਲਈ ਮੈਂ ਉਨ੍ਹਾਂ ਨੂੰ ਆਪਣੀ ਚੱਲ ਅਚੱਲ ਜਾਇਦਾਦ ਤੋਂ ਬੇਦਖਲ ਕਰਦਾ ਹਾਂ।
ਮੈਂ ਹਰਭਜਨ ਸਿੰਘ ਪੁੱਤਰ ਜਗੀਰ ਸਿੰਘ ਵਾਸੀ ਕਪੂਰਥਲਾ ਐਲਾਨ ਕਰਦਾ ਹਾਂ ਕਿ ਮੇਰਾ ਲੜਕਾ ਮੇਰੇ ਕਹਿਣੇ ਤੋਂ ਬਾਹਰ ਹੈ। ਕੋਈ ਵੀ ਉਸ ਨਾਲ ਲੈਣ-ਦੇਣ ਕਰੇਗਾ ਖ਼ੁਦ ਜ਼ਿੰਮੇਵਾਰ ਹੋਵੇਗਾ।
ਮੈਂ ਸੁਰਿੰਦਰ ਕੌਰ ਵਿਧਵਾ ਅਜੀਤ ਸਿੰਘ ਵਾਸੀ ਨਕੋਦਰ ਐਲਾਨ ਕਰਦੀ ਹਾਂ ਕਿ ਮੇਰਾ ਪੋਤਰਾ ਮੇਰੇ ਕਹਿਣੇ ਵਿੱਚ ਨਹੀਂ ਹੈ ਇਸ ਲਈ ਉਸਨੂੰ ਜਾਇਦਾਦ ਤੋਂ ਬੇਦਖਲ ਕਰਦੀ ਹਾਂ।
ਮੈਂ ਬਲਵੀਰ ਸਿੰਘ ਪੁੱਤਰ ਕਰਤਾਰ ਸਿੰਘ ਵਾਸੀ ਪਿੰਡ ਬੁੱਟਰ ਐਲਾਨ ਕਰਦਾ ਹਾਂ ਕਿ ਮੇਰੇ ਪੁੱਤਰ ਅਤੇ ਉਸਦੀ ਪਤਨੀ ਨਾਲ ਮੇਰਾ ਕੋਈ ਸਬੰਧ ਨਹੀਂ।
ਮੈਂ ਅਮਰੀਕ ਸਿੰਘ ਵਾਸੀ ਮਾਨਸਾ ਐਲਾਨ ਕਰਦਾ ਹਾਂ ਕਿ ਮੇਰੀ ਪੋਤਰੀ ਮੇਰੇ ਕਹਿਣੇ ਤੋਂ ਬਾਹਰ ਹੈ।
ਮੈਂ ਪ੍ਰੀਤਮ ਸਿੰਘ ਪੁੱਤਰ ਕਿਸ਼ਨ ਸਿੰਘ ਵਾਸੀ ਪਿੰਡ ਘੱਲ ਕਲਾਂ ਐਲਾਨ ਕਰਦਾ ਹਾਂ ਕਿ ਮੇਰਾ ਲੜਕਾ ਮੇਰੀ ਜਾਇਦਾਦ ਤੋਂ ਬੇਦਖਲ ਹੈ।
ਮੈਂ ਕਰਨੈਲ ਸਿੰਘ ਵਾਸੀ ਰਾਮਪੁਰਾ ਫੂਲ ਐਲਾਨ ਕਰਦਾ ਹਾਂ ਕਿ ਮੇਰਾ ਪੁੱਤਰ ਮੇਰੇ ਕਹਿਣੇ ਤੋਂ ਬਾਹਰ ਹੈ।
ਮੈਂ ਜਸਵਿੰਦਰ ਕੌਰ ਪਤਨੀ ਗੁਰਦੇਵ ਸਿੰਘ ਵਾਸੀ ਬਠਿੰਡਾ ਐਲਾਨ ਕਰਦੀ ਹਾਂ ਕਿ ਮੇਰਾ ਲੜਕਾ ਮੇਰੇ ਕਹਿਣੇ ਵਿੱਚ ਨਹੀਂ ਹੈ।
ਮੈਂ ਦਰਸ਼ਨ ਸਿੰਘ ਵਾਸੀ ਫਿਰੋਜ਼ਪੁਰ ਐਲਾਨ ਕਰਦਾ ਹਾਂ ਕਿ ਮੇਰਾ ਪੁੱਤਰ ਅਤੇ ਨੂੰਹ ਮੇਰੀ ਜਾਇਦਾਦ ਤੋਂ ਬੇਦਖਲ ਹਨ।
I, GURJIT SINGH S/o GULJAR SINGH R/o VPO SHAHURA TEH AJNALA AMRITSAR PUNJAB 143108 have changed my name to GURJEET SINGH. Concern Note.
I, Preeti kapoor W/o Sumeet kapoor R/o Hno 7 D-Block Ranjit Avenue Near Daink bhaskar office Amritsar Punjab have changed my name to Preety Kapoor Concern Note.
I, Jobanbir singh S/o jasbir Singh R/o vill Saidupur po ram tirath ajnala Road amritsar 143107 have declare that singh is my surname Jobanbir is my given name.
I, hitherto known as RAJANI W/o OM PARKASH R/o H.No 45, MAJITHA ROAD, SHIV NAND AVENUE, DISTT AMRITSAR-143001, PUNJAB, have changed my name and shall hereafter be known as RAJNI.
I, SANJEEV SINGH S/O RAGHUBIR SINGH R/O VILLAGE MIRZAPUR SHAHER, PO FEROZEPUR KALAN, TEHSIL & DISTT PATHANKOT, PUNJAB have changed the name of my minor son ABINAB SALARIA AGE 16 YEARS and he shall hereafter be known as ADITYA SALARIA.
I, hitherto known as HARPREET KAUR D/O NARINDER SINGH R/O SUNDER NAGAR, DHANGU ROAD, PATHANKOT, TEHSIL & DISTT PATHANKOT, PUNJAB-145001 have changed my name and shall hereafter be known as LAKSHMI.
I, hitherto known as GURINDER KAUR D/O BAWA RAM R/O 289, BASANT AVENUE, DISTT AMRITSAR, PUNJAB have changed my name and shall hereafter be known as GURINDER DHIMAN.
I, hitherto known as SUMAN W/O SATISH MEHRA R/O 2566/10, GALI CHAH MALI, AUTIA DUALI, DISTT AMRITSAR, PUNJAB, have changed my name and shall hereafter be known as SUMAN MEHRA.
I, VIKRAMDEEP SHARMA S/O RAM KARAN R/O HNO. 8-A, GALI NO. 3, PUNJABI BAGH, DERA BASSI, DISTT SAS NAGAR, PUNJAB have changed the name of my minor Son VIHAAN SOOD AGE 13 YEARS and he shall hereafter be known as VIHAAN SHARMA.
I hitherto known as DEEPAK S/O GURDEV SINGH R/O VILLAGE RAMTATWALI, PO DHOLBAHA, TEHSIL DASUYA, DISTT HOSHIARPUR, PUNJAB have changed my name and shall hereafter be known as DEEPAK SINGH.
I, hitherto known as Samya, daughter of Ravi Kumar, residing at MCB-Z-5-5543, Street No. 10/05, Guru Gobind Singh Nagar, Distt Bathinda, Punjab - 151001, have changed my name and shall hereafter be known as Samya Garg.
I, hitherto known as AJIT SINGH S/O JAGAT SINGH R/O VPO DHAGGA KALAN, TEHSIL DASUYA, DISTT HOSHIARPUR, PUNJAB, have changed my name and shall hereafter be known as AJIT SINGH.
I, PARDEEP KUMAR S/O GURMIT SINGH R/O HNO 192, VILLAGE BADHERI, SECTOR 41-D, CHANDIGARH-160036 declare that name of my father and mother has been wrongly written as GURMEET AND BABLI in my 10TH & 12TH EDUCATIONAL DOCUMENTS. The actual name of my father & mother is GURMIT SINGH AND BABLI DEVI.
PUBLIC NOTICE
I, SURINDER KAUR D/o JIT SINGH EX. wife of Late SATNAM SINGH R/o HOUSE NO. 2415, CHARKHI MOHALLA, AMBALA CITY (HARYANA) declare that my husband SATNAM SINGH expired on 14/04/2020. Further I remarried to ARJAN SINGH S/o JOGINDER SINGH vide marriage certificate no. PAA/R/2024/5594170 dated 20-02-2024. Further I declare that the name of the father of my minor daughter namely NAMANJOT KAUR may be known as ARJAN SINGH.
CK	CK
